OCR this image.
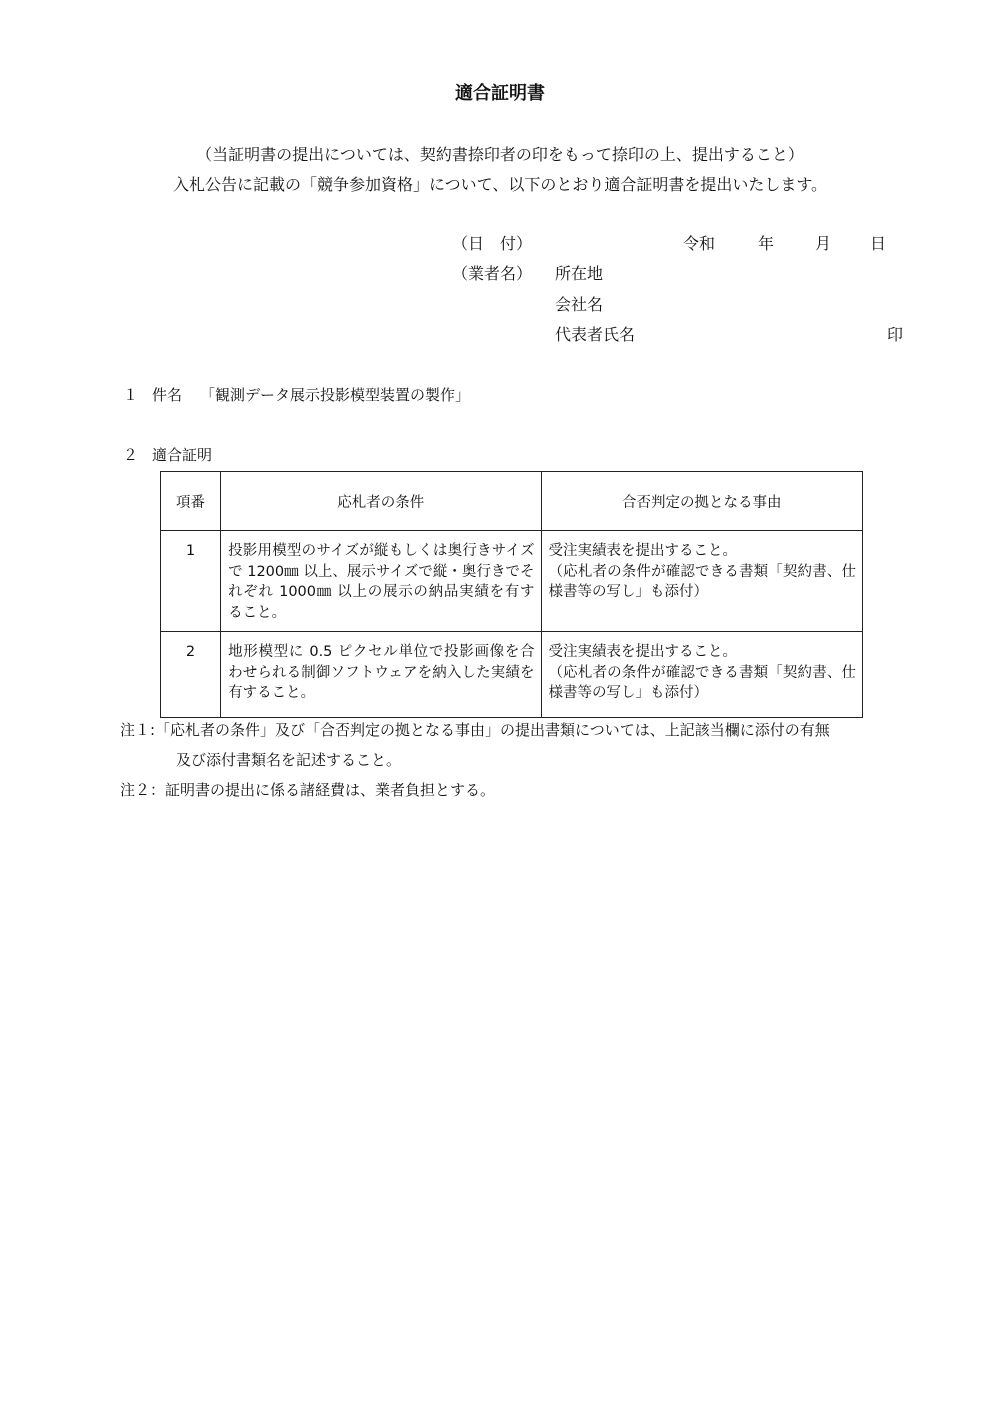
適合証明書
（当証明書の提出については、契約書捺印者の印をもって捺印の上、提出すること）
入札公告に記載の「競争参加資格」について、以下のとおり適合証明書を提出いたします。
（日　付）	令和	年	月 日
（業者名） 所在地
会社名
代表者氏名	印
１ 件名 「観測データ展示投影模型装置の製作」
２ 適合証明
項番	応札者の条件	合否判定の拠となる事由
1	投影用模型のサイズが縦もしくは奥行きサイズで 1200㎜ 以上、展示サイズで縦・奥行きでそれぞれ 1000㎜ 以上の展示の納品実績を有すること。	受注実績表を提出すること。
（応札者の条件が確認できる書類「契約書、仕様書等の写し」も添付）

2	地形模型に 0.5 ピクセル単位で投影画像を合わせられる制御ソフトウェアを納入した実績を有すること。	受注実績表を提出すること。
（応札者の条件が確認できる書類「契約書、仕様書等の写し」も添付）
注１:「応札者の条件」及び「合否判定の拠となる事由」の提出書類については、上記該当欄に添付の有無
及び添付書類名を記述すること。
注２：証明書の提出に係る諸経費は、業者負担とする。
